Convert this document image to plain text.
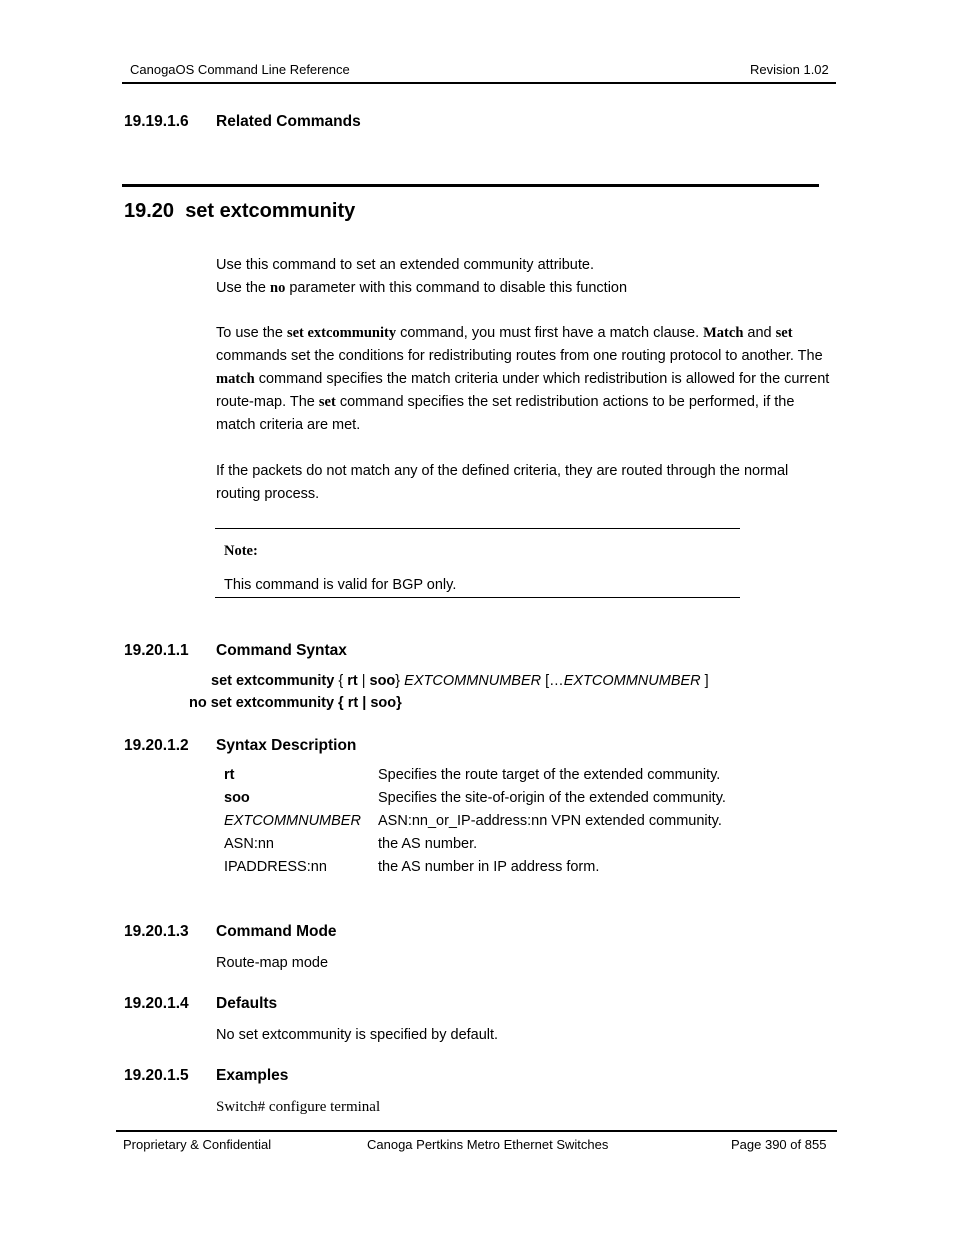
CanogaOS Command Line Reference	Revision 1.02
19.19.1.6 Related Commands
19.20 set extcommunity
Use this command to set an extended community attribute.
Use the no parameter with this command to disable this function
To use the set extcommunity command, you must first have a match clause. Match and set commands set the conditions for redistributing routes from one routing protocol to another. The match command specifies the match criteria under which redistribution is allowed for the current route-map. The set command specifies the set redistribution actions to be performed, if the match criteria are met.
If the packets do not match any of the defined criteria, they are routed through the normal routing process.
Note:
This command is valid for BGP only.
19.20.1.1 Command Syntax
set extcommunity { rt | soo} EXTCOMMNUMBER […EXTCOMMNUMBER ]
no set extcommunity { rt | soo}
19.20.1.2 Syntax Description
rt	Specifies the route target of the extended community.
soo	Specifies the site-of-origin of the extended community.
EXTCOMMNUMBER	ASN:nn_or_IP-address:nn VPN extended community.
ASN:nn	the AS number.
IPADDRESS:nn	the AS number in IP address form.
19.20.1.3 Command Mode
Route-map mode
19.20.1.4 Defaults
No set extcommunity is specified by default.
19.20.1.5 Examples
Switch# configure terminal
Proprietary & Confidential	Canoga Pertkins Metro Ethernet Switches	Page 390 of 855
